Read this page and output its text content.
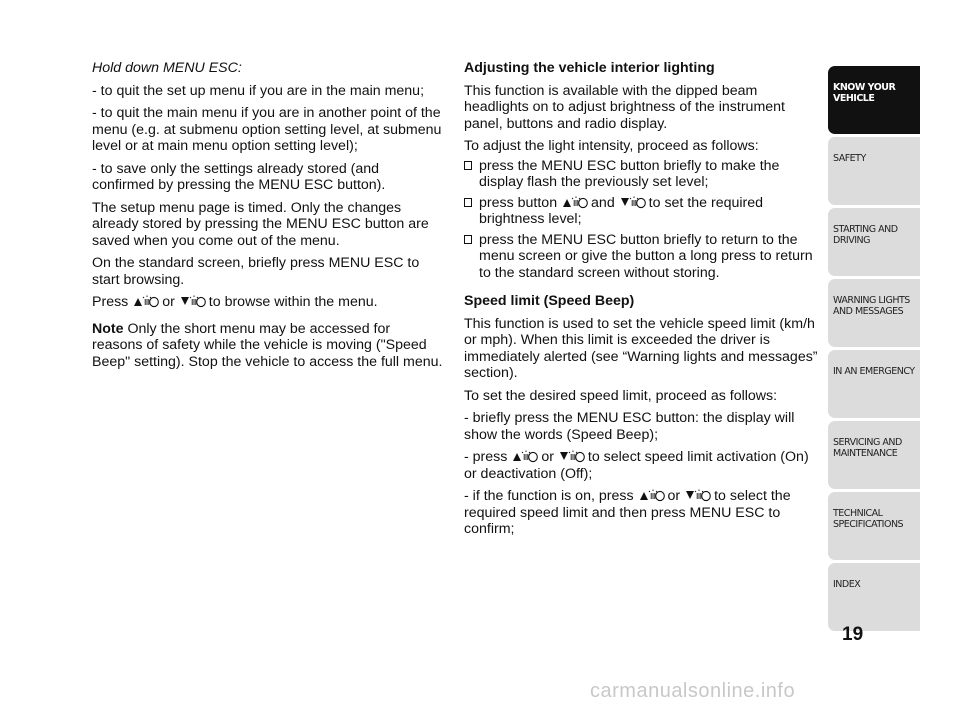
Hold down MENU ESC:

- to quit the set up menu if you are in the main menu;

- to quit the main menu if you are in another point of the menu (e.g. at submenu option setting level, at submenu level or at main menu option setting level);

- to save only the settings already stored (and confirmed by pressing the MENU ESC button).

The setup menu page is timed. Only the changes already stored by pressing the MENU ESC button are saved when you come out of the menu.

On the standard screen, briefly press MENU ESC to start browsing.

Press or to browse within the menu.

Note Only the short menu may be accessed for reasons of safety while the vehicle is moving ("Speed Beep" setting). Stop the vehicle to access the full menu.

Adjusting the vehicle interior lighting

This function is available with the dipped beam headlights on to adjust brightness of the instrument panel, buttons and radio display.

To adjust the light intensity, proceed as follows:

press the MENU ESC button briefly to make the display flash the previously set level;
press button and to set the required brightness level;
press the MENU ESC button briefly to return to the menu screen or give the button a long press to return to the standard screen without storing.

Speed limit (Speed Beep)

This function is used to set the vehicle speed limit (km/h or mph). When this limit is exceeded the driver is immediately alerted (see “Warning lights and messages” section).

To set the desired speed limit, proceed as follows:

- briefly press the MENU ESC button: the display will show the words (Speed Beep);

- press or to select speed limit activation (On) or deactivation (Off);

- if the function is on, press or to select the required speed limit and then press MENU ESC to confirm;

KNOW YOUR VEHICLE
SAFETY
STARTING AND DRIVING
WARNING LIGHTS AND MESSAGES
IN AN EMERGENCY
SERVICING AND MAINTENANCE
TECHNICAL SPECIFICATIONS
INDEX
19
carmanualsonline.info
